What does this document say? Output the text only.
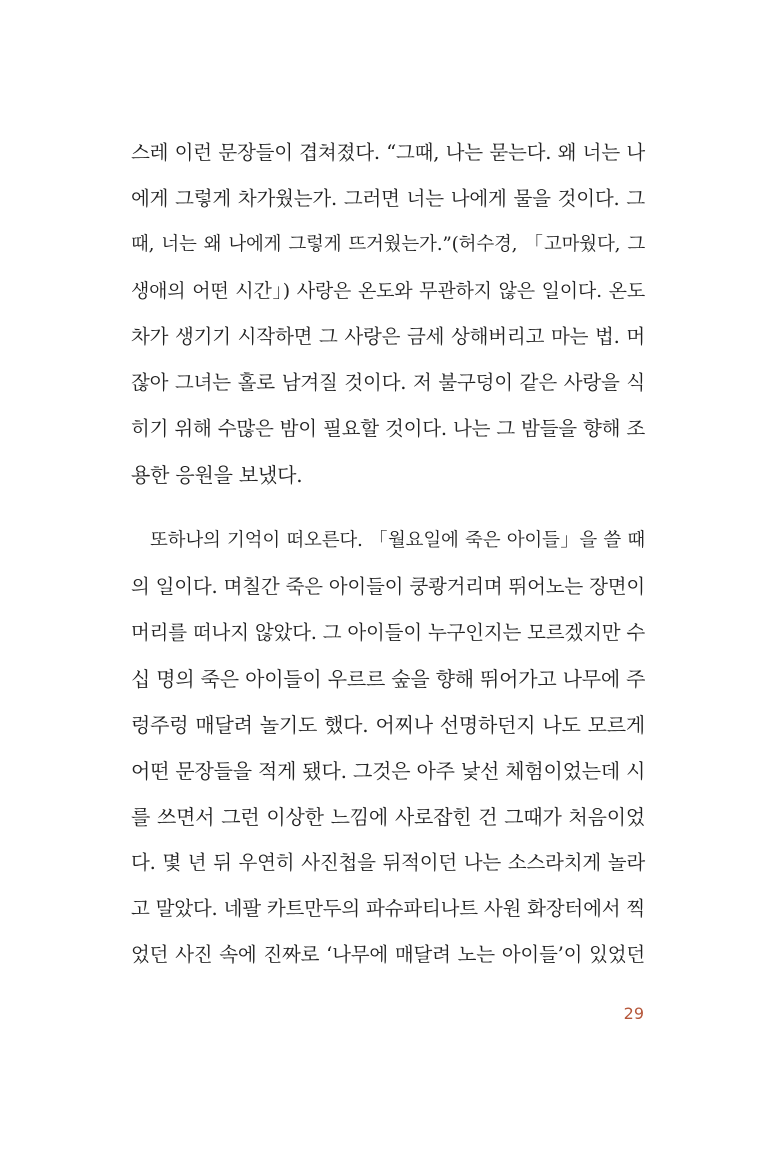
스레 이런 문장들이 겹쳐졌다. “그때, 나는 묻는다. 왜 너는 나
에게 그렇게 차가웠는가. 그러면 너는 나에게 물을 것이다. 그
때, 너는 왜 나에게 그렇게 뜨거웠는가.”(허수경, 「고마웠다, 그
생애의 어떤 시간」) 사랑은 온도와 무관하지 않은 일이다. 온도
차가 생기기 시작하면 그 사랑은 금세 상해버리고 마는 법. 머
잖아 그녀는 홀로 남겨질 것이다. 저 불구덩이 같은 사랑을 식
히기 위해 수많은 밤이 필요할 것이다. 나는 그 밤들을 향해 조
용한 응원을 보냈다.
또하나의 기억이 떠오른다. 「월요일에 죽은 아이들」을 쓸 때
의 일이다. 며칠간 죽은 아이들이 쿵쾅거리며 뛰어노는 장면이
머리를 떠나지 않았다. 그 아이들이 누구인지는 모르겠지만 수
십 명의 죽은 아이들이 우르르 숲을 향해 뛰어가고 나무에 주
렁주렁 매달려 놀기도 했다. 어찌나 선명하던지 나도 모르게
어떤 문장들을 적게 됐다. 그것은 아주 낯선 체험이었는데 시
를 쓰면서 그런 이상한 느낌에 사로잡힌 건 그때가 처음이었
다. 몇 년 뒤 우연히 사진첩을 뒤적이던 나는 소스라치게 놀라
고 말았다. 네팔 카트만두의 파슈파티나트 사원 화장터에서 찍
었던 사진 속에 진짜로 ‘나무에 매달려 노는 아이들’이 있었던
29
